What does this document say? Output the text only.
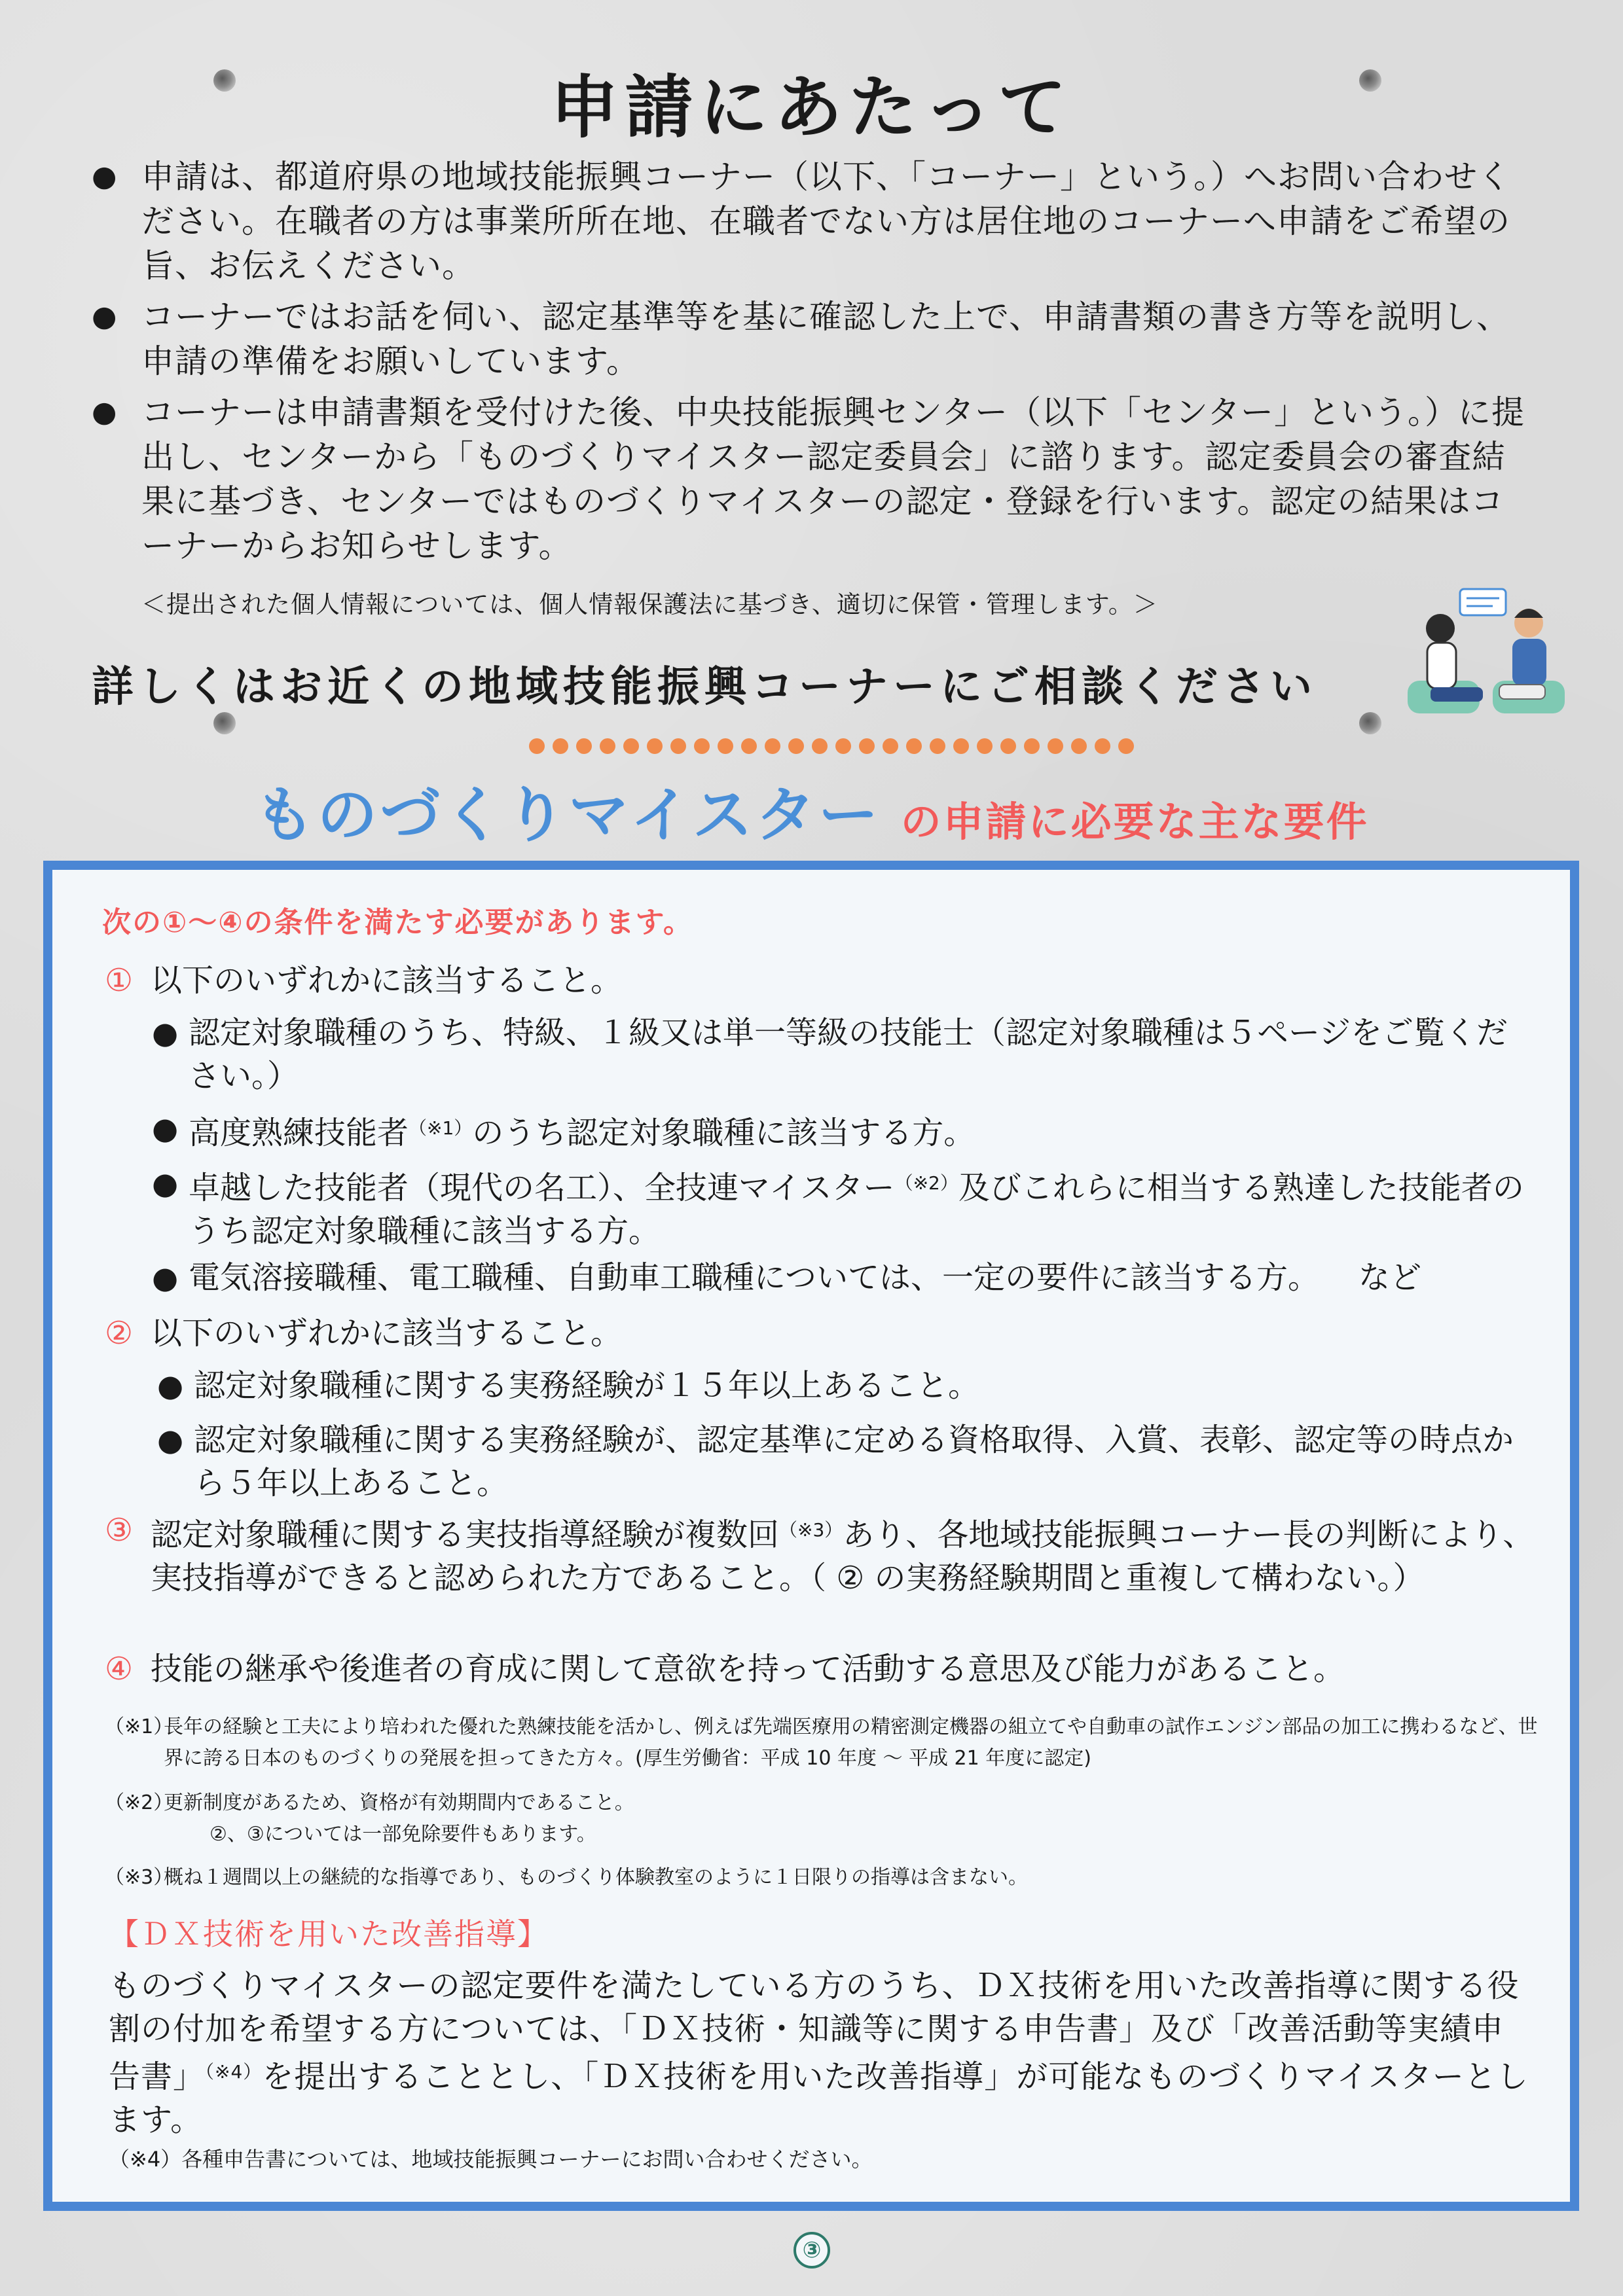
申請にあたって
● 申請は、都道府県の地域技能振興コーナー（以下、「コーナー」という。）へお問い合わせください。在職者の方は事業所所在地、在職者でない方は居住地のコーナーへ申請をご希望の旨、お伝えください。
● コーナーではお話を伺い、認定基準等を基に確認した上で、申請書類の書き方等を説明し、申請の準備をお願いしています。
● コーナーは申請書類を受付けた後、中央技能振興センター（以下「センター」という。）に提出し、センターから「ものづくりマイスター認定委員会」に諮ります。認定委員会の審査結果に基づき、センターではものづくりマイスターの認定・登録を行います。認定の結果はコーナーからお知らせします。
＜提出された個人情報については、個人情報保護法に基づき、適切に保管・管理します。＞
詳しくはお近くの地域技能振興コーナーにご相談ください
ものづくりマイスター の申請に必要な主な要件
次の①～④の条件を満たす必要があります。
① 以下のいずれかに該当すること。
● 認定対象職種のうち、特級、１級又は単一等級の技能士（認定対象職種は５ページをご覧ください。）
● 高度熟練技能者$^{(※1)}$のうち認定対象職種に該当する方。
● 卓越した技能者（現代の名工）、全技連マイスター$^{(※2)}$及びこれらに相当する熟達した技能者のうち認定対象職種に該当する方。
● 電気溶接職種、電工職種、自動車工職種については、一定の要件に該当する方。 など
② 以下のいずれかに該当すること。
● 認定対象職種に関する実務経験が１５年以上あること。
● 認定対象職種に関する実務経験が、認定基準に定める資格取得、入賞、表彰、認定等の時点から５年以上あること。
③ 認定対象職種に関する実技指導経験が複数回$^{(※3)}$あり、各地域技能振興コーナー長の判断により、実技指導ができると認められた方であること。（ ② の実務経験期間と重複して構わない。）
④ 技能の継承や後進者の育成に関して意欲を持って活動する意思及び能力があること。
（※1）
長年の経験と工夫により培われた優れた熟練技能を活かし、例えば先端医療用の精密測定機器の組立てや自動車の試作エンジン部品の加工に携わるなど、世界に誇る日本のものづくりの発展を担ってきた方々。(厚生労働省：平成 10 年度 ～ 平成 21 年度に認定)
（※2）
更新制度があるため、資格が有効期間内であること。
②、③については一部免除要件もあります。
（※3）
概ね１週間以上の継続的な指導であり、ものづくり体験教室のように１日限りの指導は含まない。
【ＤＸ技術を用いた改善指導】
ものづくりマイスターの認定要件を満たしている方のうち、ＤＸ技術を用いた改善指導に関する役割の付加を希望する方については、「ＤＸ技術・知識等に関する申告書」及び「改善活動等実績申告書」$^{(※4)}$を提出することとし、「ＤＸ技術を用いた改善指導」が可能なものづくりマイスターとします。
（※4）各種申告書については、地域技能振興コーナーにお問い合わせください。
③
